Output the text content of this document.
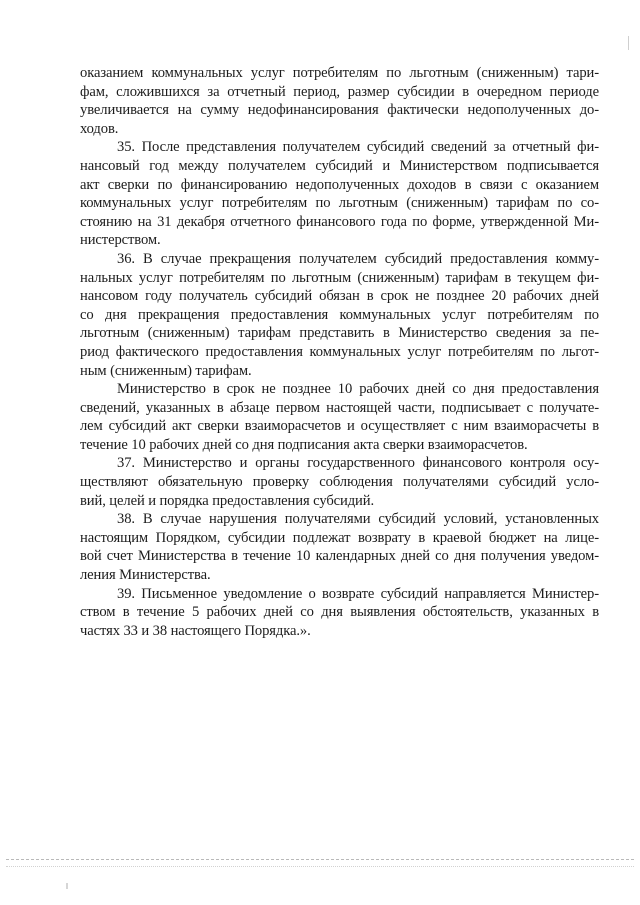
оказанием коммунальных услуг потребителям по льготным (сниженным) тари-
фам, сложившихся за отчетный период, размер субсидии в очередном периоде
увеличивается на сумму недофинансирования фактически недополученных до-
ходов.
35. После представления получателем субсидий сведений за отчетный фи-
нансовый год между получателем субсидий и Министерством подписывается
акт сверки по финансированию недополученных доходов в связи с оказанием
коммунальных услуг потребителям по льготным (сниженным) тарифам по со-
стоянию на 31 декабря отчетного финансового года по форме, утвержденной Ми-
нистерством.
36. В случае прекращения получателем субсидий предоставления комму-
нальных услуг потребителям по льготным (сниженным) тарифам в текущем фи-
нансовом году получатель субсидий обязан в срок не позднее 20 рабочих дней
со дня прекращения предоставления коммунальных услуг потребителям по
льготным (сниженным) тарифам представить в Министерство сведения за пе-
риод фактического предоставления коммунальных услуг потребителям по льгот-
ным (сниженным) тарифам.
Министерство в срок не позднее 10 рабочих дней со дня предоставления
сведений, указанных в абзаце первом настоящей части, подписывает с получате-
лем субсидий акт сверки взаиморасчетов и осуществляет с ним взаиморасчеты в
течение 10 рабочих дней со дня подписания акта сверки взаиморасчетов.
37. Министерство и органы государственного финансового контроля осу-
ществляют обязательную проверку соблюдения получателями субсидий усло-
вий, целей и порядка предоставления субсидий.
38. В случае нарушения получателями субсидий условий, установленных
настоящим Порядком, субсидии подлежат возврату в краевой бюджет на лице-
вой счет Министерства в течение 10 календарных дней со дня получения уведом-
ления Министерства.
39. Письменное уведомление о возврате субсидий направляется Министер-
ством в течение 5 рабочих дней со дня выявления обстоятельств, указанных в
частях 33 и 38 настоящего Порядка.».
